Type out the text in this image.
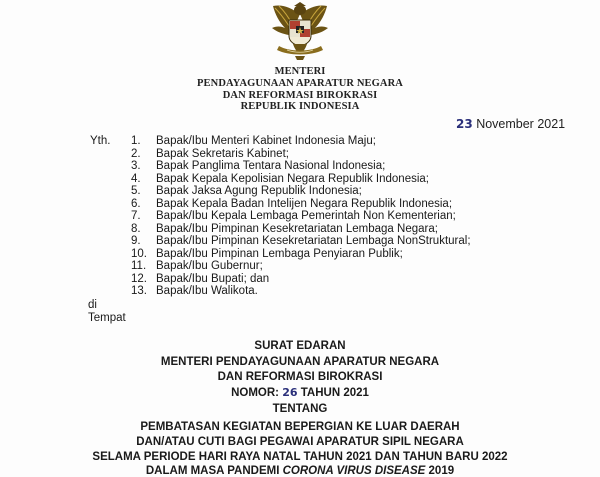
MENTERI
PENDAYAGUNAAN APARATUR NEGARA
DAN REFORMASI BIROKRASI
REPUBLIK INDONESIA
23 November 2021
Yth. 1. Bapak/Ibu Menteri Kabinet Indonesia Maju;
2. Bapak Sekretaris Kabinet;
3. Bapak Panglima Tentara Nasional Indonesia;
4. Bapak Kepala Kepolisian Negara Republik Indonesia;
5. Bapak Jaksa Agung Republik Indonesia;
6. Bapak Kepala Badan Intelijen Negara Republik Indonesia;
7. Bapak/Ibu Kepala Lembaga Pemerintah Non Kementerian;
8. Bapak/Ibu Pimpinan Kesekretariatan Lembaga Negara;
9. Bapak/Ibu Pimpinan Kesekretariatan Lembaga NonStruktural;
10. Bapak/Ibu Pimpinan Lembaga Penyiaran Publik;
11. Bapak/Ibu Gubernur;
12. Bapak/Ibu Bupati; dan
13. Bapak/Ibu Walikota.
di
Tempat
SURAT EDARAN
MENTERI PENDAYAGUNAAN APARATUR NEGARA
DAN REFORMASI BIROKRASI
NOMOR: 26 TAHUN 2021
TENTANG
PEMBATASAN KEGIATAN BEPERGIAN KE LUAR DAERAH
DAN/ATAU CUTI BAGI PEGAWAI APARATUR SIPIL NEGARA
SELAMA PERIODE HARI RAYA NATAL TAHUN 2021 DAN TAHUN BARU 2022
DALAM MASA PANDEMI CORONA VIRUS DISEASE 2019
